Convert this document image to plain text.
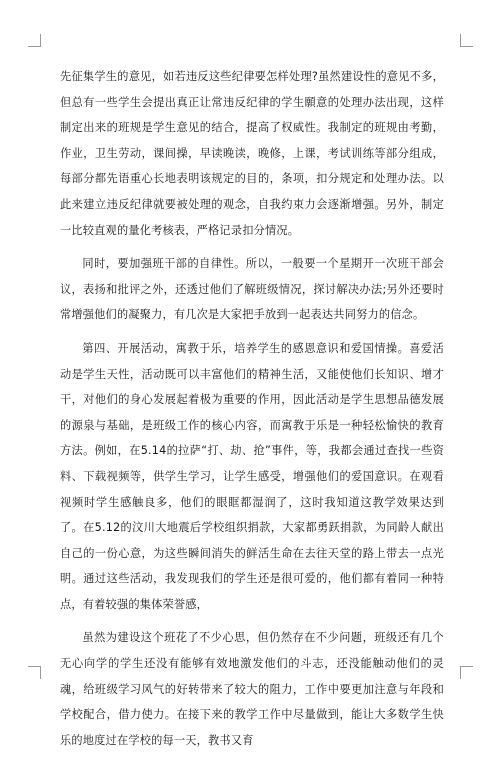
先征集学生的意见，如若违反这些纪律要怎样处理?虽然建设性的意见不多，但总有一些学生会提出真正让常违反纪律的学生願意的处理办法出现，这样制定出来的班规是学生意见的结合，提高了权威性。我制定的班规由考勤，作业，卫生劳动，课间操，早读晚读，晚修，上课，考试训练等部分组成，每部分都先语重心长地表明该规定的目的，条项，扣分规定和处理办法。以此来建立违反纪律就要被处理的观念，自我约束力会逐渐增强。另外，制定一比较直观的量化考核表，严格记录扣分情况。

同时，要加强班干部的自律性。所以，一般要一个星期开一次班干部会议，表扬和批评之外，还透过他们了解班级情况，探讨解决办法;另外还要时常增强他们的凝聚力，有几次是大家把手放到一起表达共同努力的信念。

第四、开展活动，寓教于乐，培养学生的感恩意识和爱国情操。喜爱活动是学生天性，活动既可以丰富他们的精神生活，又能使他们长知识、增才干，对他们的身心发展起着极为重要的作用，因此活动是学生思想品德发展的源泉与基础，是班级工作的核心内容，而寓教于乐是一种轻松愉快的教育方法。例如，在5.14的拉萨“打、劫、抢”事件，等，我都会通过查找一些资料、下载视频等，供学生学习，让学生感受，增强他们的爱国意识。在观看视频时学生感触良多，他们的眼眶都湿润了，这时我知道这教学效果达到了。在5.12的汶川大地震后学校组织捐款，大家都勇跃捐款，为同龄人献出自己的一份心意，为这些瞬间消失的鲜活生命在去往天堂的路上带去一点光明。通过这些活动，我发现我们的学生还是很可爱的，他们都有着同一种特点，有着较强的集体荣誉感，

虽然为建设这个班花了不少心思，但仍然存在不少问题，班级还有几个无心向学的学生还没有能够有效地激发他们的斗志，还没能触动他们的灵魂，给班级学习风气的好转带来了较大的阻力，工作中要更加注意与年段和学校配合，借力使力。在接下来的教学工作中尽量做到，能让大多数学生快乐的地度过在学校的每一天，教书又育
